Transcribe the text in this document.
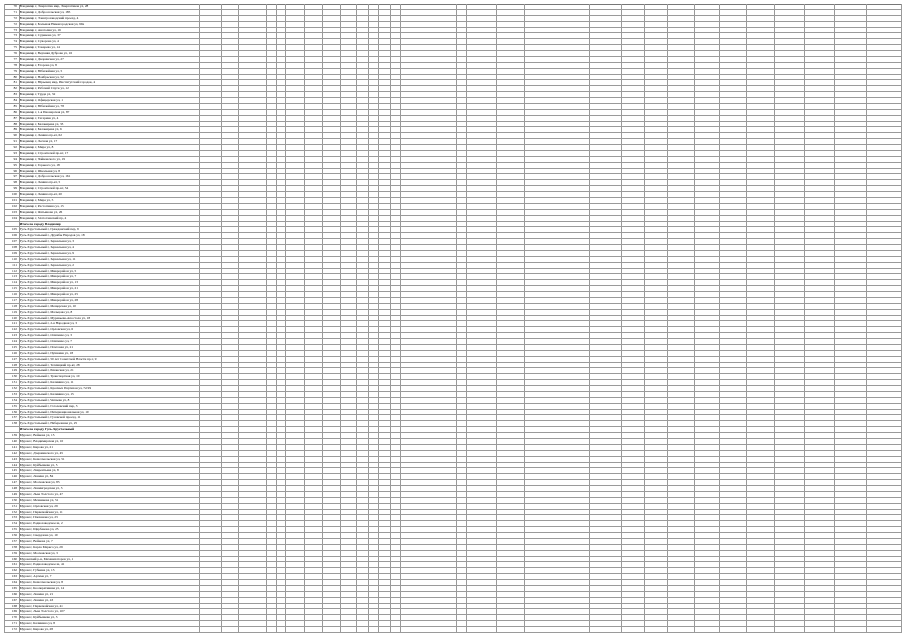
70 Владимир г, Энергетик мкр, Энергетиков ул, 28
71 Владимир г, Добросельская ул, 185
72 Владимир г, Электрозаводский проезд, 4
72 Владимир г, Большая Нижегородская ул, 99а
73 Владимир г, Анатолия ул, 16
73 Владимир г, Сурикова ул, 37
74 Владимир г, Суворова ул, 4
75 Владимир г, Токарева ул, 14
76 Владимир г, Верхняя Дуброва ул, 16
77 Владимир г, Дворянская ул, 27
78 Владимир г, Егорова ул, 8
79 Владимир г, Юбилейная ул, 5
80 Владимир г, Ноябрьская ул, 52
81 Владимир г, Юрьевец мкр, Институтский городок, 4
82 Владимир г, Рабочий Спуск ул, 12
83 Владимир г, Труда ул, 32
84 Владимир г, Офицерская ул, 1
85 Владимир г, Юбилейная ул, 78
86 Владимир г, 1-я Пионерская ул, 87
87 Владимир г, Гагарина ул, 4
88 Владимир г, Балакирева ул, 33
89 Владимир г, Балакирева ул, 6
90 Владимир г, Ленина пр-кт, 62
91 Владимир г, Лесная ул, 17
92 Владимир г, Мира ул, 8
93 Владимир г, Строителей пр-кт, 17
94 Владимир г, Чайковского ул, 19
95 Владимир г, Горького ул, 18
96 Владимир г, Школьная ул, 8
97 Владимир г, Добросельская ул, 161
98 Владимир г, Ленина пр-кт, 5
99 Владимир г, Строителей пр-кт, 34
100 Владимир г, Ленина пр-кт, 20
101 Владимир г, Мира ул, 5
102 Владимир г, Растопчина ул, 15
103 Владимир г, Фатьянова ул, 26
104 Владимир г, Златоглавский пр, 4
Итого по городу Владимир
105 Гусь-Хрустальный г, Гражданский пер, 9
106 Гусь-Хрустальный г, Дружбы Народов ул, 18
107 Гусь-Хрустальный г, Зеркальная ул, 3
108 Гусь-Хрустальный г, Зеркальная ул, 4
109 Гусь-Хрустальный г, Зеркальная ул, 9
110 Гусь-Хрустальный г, Зеркальная ул, 11
111 Гусь-Хрустальный г, Зеркальная ул, 2
112 Гусь-Хрустальный г, Микрорайон ул, 5
113 Гусь-Хрустальный г, Микрорайон ул, 7
114 Гусь-Хрустальный г, Микрорайон ул, 13
115 Гусь-Хрустальный г, Микрорайон ул, 21
116 Гусь-Хрустальный г, Микрорайон ул, 25
117 Гусь-Хрустальный г, Микрорайон ул, 28
118 Гусь-Хрустальный г, Мещерская ул, 10
119 Гусь-Хрустальный г, Мальцова ул, 8
120 Гусь-Хрустальный г, Муравьева-Апостола ул, 18
121 Гусь-Хрустальный г, 2-я Народная ул, 3
122 Гусь-Хрустальный г, Орловская ул, 6
123 Гусь-Хрустальный г, Осипенко ул, 3
124 Гусь-Хрустальный г, Осипенко ул, 7
125 Гусь-Хрустальный г, Почтовая ул, 21
126 Гусь-Хрустальный г, Пушкина ул, 18
127 Гусь-Хрустальный г, 50 лет Советской Власти пр-т, 9
128 Гусь-Хрустальный г, Теплицкий пр-кт, 28
129 Гусь-Хрустальный г, Рязанская ул, 21
130 Гусь-Хрустальный г, Транспортная ул, 10
131 Гусь-Хрустальный г, Калинина ул, 11
132 Гусь-Хрустальный г, Красных Партизан ул, 72/29
133 Гусь-Хрустальный г, Калинина ул, 15
134 Гусь-Хрустальный г, Чапаева ул, 8
135 Гусь-Хрустальный г, Гоголевский пер, 3
136 Гусь-Хрустальный г, Интернациональная ул, 10
137 Гусь-Хрустальный г, Гусевской проезд, 11
138 Гусь-Хрустальный г, Набережная ул, 25
Итого по городу Гусь-Хрустальный
139 Муром г, Войкова ул, 15
140 Муром г, Владимирская ул, 10
141 Муром г, Кирова ул, 21
142 Муром г, Дзержинского ул, 45
143 Муром г, Комсомольская ул, 51
144 Муром г, Куйбышева ул, 5
145 Муром г, Лаврентьева ул, 8
146 Муром г, Ленина ул, 84
147 Муром г, Московская ул, 85
148 Муром г, Ленинградская ул, 3
149 Муром г, Льва Толстого ул, 47
150 Муром г, Мечникова ул, 51
151 Муром г, Орловская ул, 29
152 Муром г, Первомайская ул, 11
153 Муром г, Плеханова ул, 23
154 Муром г, Радиозаводское ш, 2
155 Муром г, Щербакова ул, 25
156 Муром г, Свердлова ул, 10
157 Муром г, Войкова ул, 7
158 Муром г, Карла Маркса ул, 29
159 Муром г, Московская ул, 3
160 Муромский р-н, Механизаторов ул, 1
161 Муром г, Радиозаводское ш, 41
162 Муром г, Губкина ул, 13
163 Муром г, Артема ул, 7
164 Муром г, Комсомольская ул, 8
165 Муром г, Кооперативная ул, 14
166 Муром г, Ленина ул, 21
167 Муром г, Ленина ул, 43
168 Муром г, Первомайская ул, 41
169 Муром г, Льва Толстого ул, 107
170 Муром г, Куйбышева ул, 3
171 Муром г, Калинина ул, 8
172 Муром г, Кирова ул, 28
